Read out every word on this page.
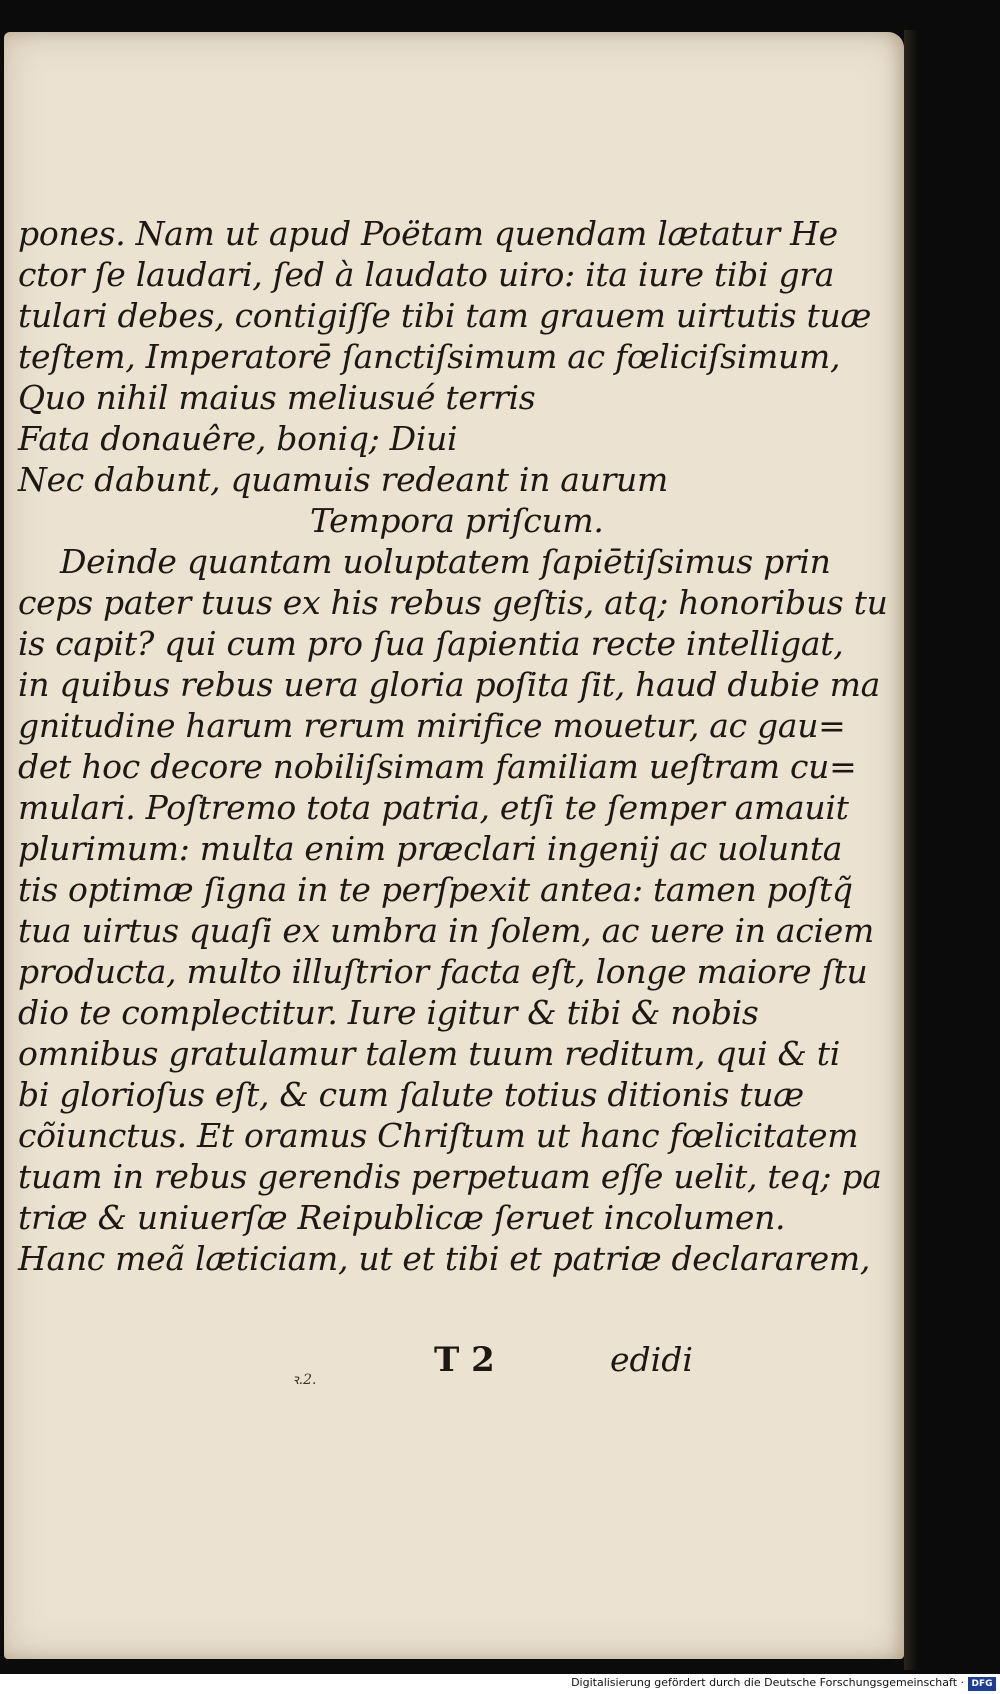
pones. Nam ut apud Poëtam quendam lætatur He
ctor ſe laudari, ſed à laudato uiro: ita iure tibi gra
tulari debes, contigiſſe tibi tam grauem uirtutis tuæ
teſtem, Imperatorē ſanctiſsimum ac fœliciſsimum,
Quo nihil maius meliusué terris
Fata donauêre, boniq; Diui
Nec dabunt, quamuis redeant in aurum
Tempora priſcum.
Deinde quantam uoluptatem ſapiētiſsimus prin
ceps pater tuus ex his rebus geſtis, atq; honoribus tu
is capit? qui cum pro ſua ſapientia recte intelligat,
in quibus rebus uera gloria poſita ſit, haud dubie ma
gnitudine harum rerum mirifice mouetur, ac gau=
det hoc decore nobiliſsimam familiam ueſtram cu=
mulari. Poſtremo tota patria, etſi te ſemper amauit
plurimum: multa enim præclari ingenij ac uolunta
tis optimæ ſigna in te perſpexit antea: tamen poſtq̃
tua uirtus quaſi ex umbra in ſolem, ac uere in aciem
producta, multo illuſtrior facta eſt, longe maiore ſtu
dio te complectitur. Iure igitur & tibi & nobis
omnibus gratulamur talem tuum reditum, qui & ti
bi glorioſus eſt, & cum ſalute totius ditionis tuæ
cõiunctus. Et oramus Chriſtum ut hanc fœlicitatem
tuam in rebus gerendis perpetuam eſſe uelit, teq; pa
triæ & uniuerſæ Reipublicæ ſeruet incolumen.
Hanc meã læticiam, ut et tibi et patriæ declararem,
ꝛ.2.	T 2	edidi
Digitalisierung gefördert durch die Deutsche Forschungsgemeinschaft · DFG
